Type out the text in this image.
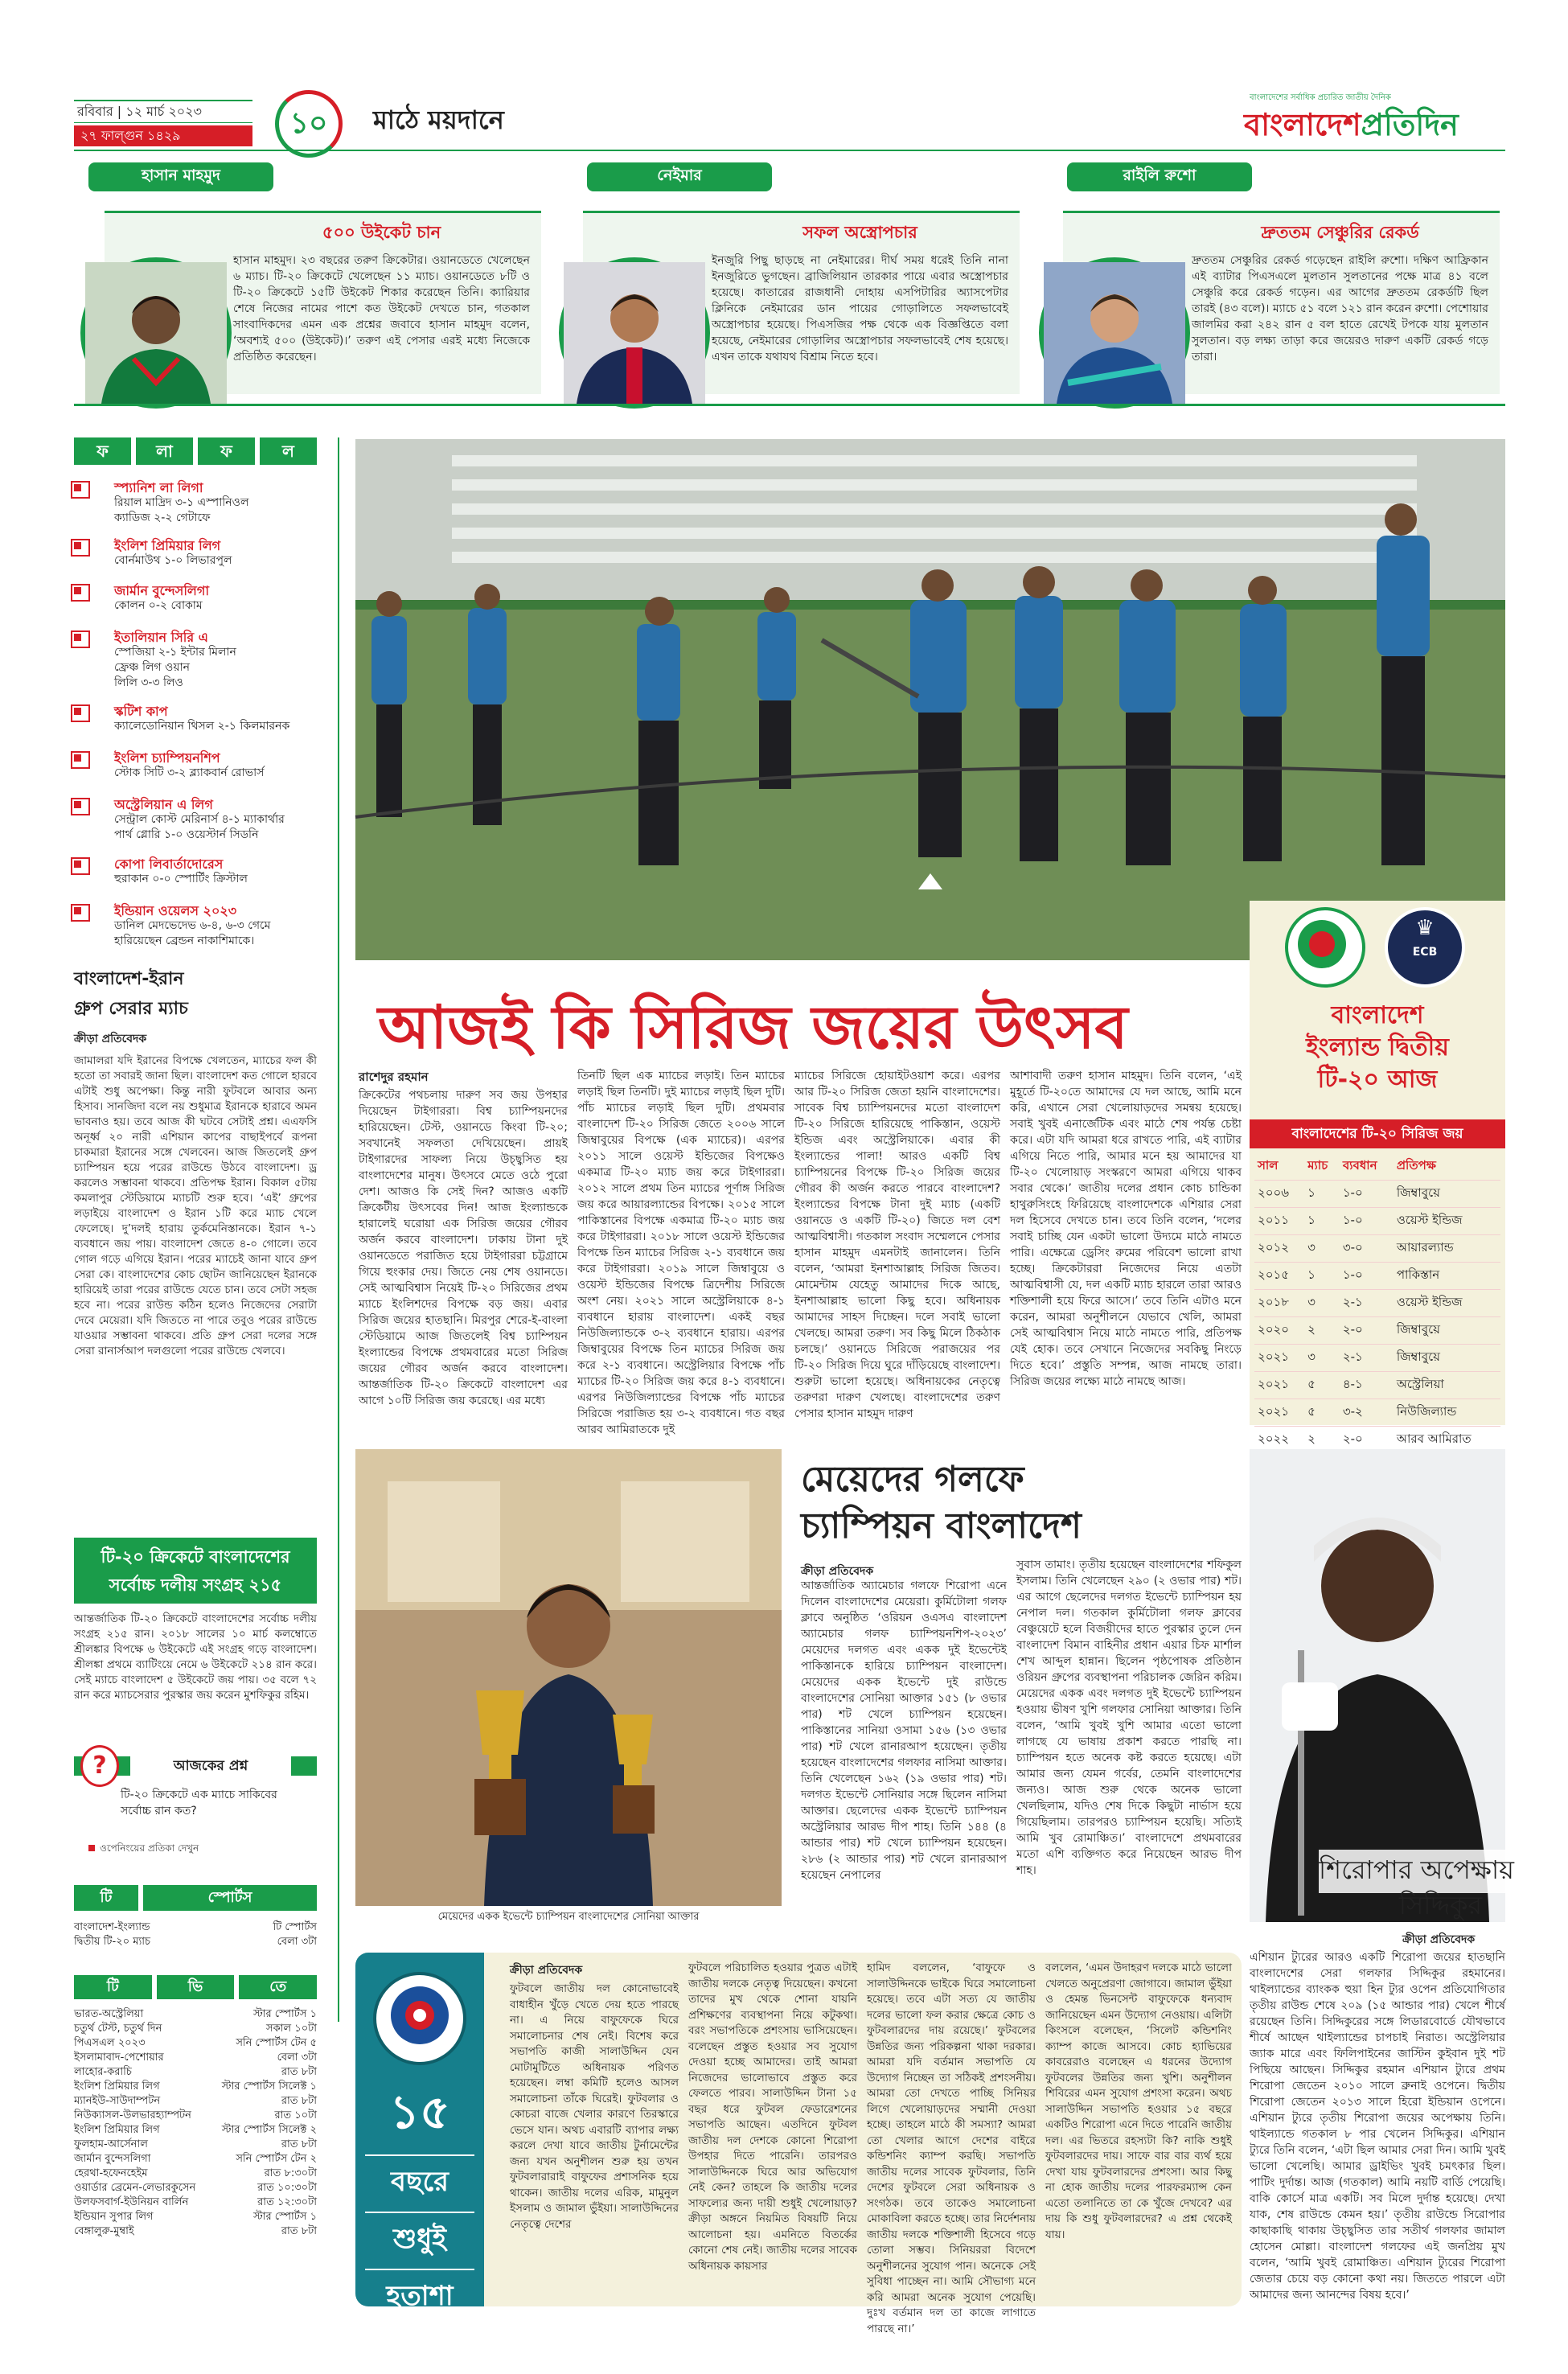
রবিবার | ১২ মার্চ ২০২৩
২৭ ফাল্গুন ১৪২৯	১০	মাঠে ময়দানে
বাংলাদেশের সর্বাধিক প্রচারিত জাতীয় দৈনিক
বাংলাদেশপ্রতিদিন
হাসান মাহমুদ	নেইমার	রাইলি রুশো
৫০০ উইকেট চান
হাসান মাহমুদ। ২৩ বছরের তরুণ ক্রিকেটার। ওয়ানডেতে খেলেছেন ৬ ম্যাচ। টি-২০ ক্রিকেটে খেলেছেন ১১ ম্যাচ। ওয়ানডেতে ৮টি ও টি-২০ ক্রিকেটে ১৫টি উইকেট শিকার করেছেন তিনি। ক্যারিয়ার শেষে নিজের নামের পাশে কত উইকেট দেখতে চান, গতকাল সাংবাদিকদের এমন এক প্রশ্নের জবাবে হাসান মাহমুদ বলেন, ‘অবশ্যই ৫০০ (উইকেট)।’ তরুণ এই পেসার এরই মধ্যে নিজেকে প্রতিষ্ঠিত করেছেন।
সফল অস্ত্রোপচার
ইনজুরি পিছু ছাড়ছে না নেইমারের। দীর্ঘ সময় ধরেই তিনি নানা ইনজুরিতে ভুগছেন। ব্রাজিলিয়ান তারকার পায়ে এবার অস্ত্রোপচার হয়েছে। কাতারের রাজধানী দোহায় এসপিটারির অ্যাসপেটার ক্লিনিকে নেইমারের ডান পায়ের গোড়ালিতে সফলভাবেই অস্ত্রোপচার হয়েছে। পিএসজির পক্ষ থেকে এক বিজ্ঞপ্তিতে বলা হয়েছে, নেইমারের গোড়ালির অস্ত্রোপচার সফলভাবেই শেষ হয়েছে। এখন তাকে যথাযথ বিশ্রাম নিতে হবে।
দ্রুততম সেঞ্চুরির রেকর্ড
দ্রুততম সেঞ্চুরির রেকর্ড গড়েছেন রাইলি রুশো। দক্ষিণ আফ্রিকান এই ব্যাটার পিএসএলে মুলতান সুলতানের পক্ষে মাত্র ৪১ বলে সেঞ্চুরি করে রেকর্ড গড়েন। এর আগের দ্রুততম রেকর্ডটি ছিল তারই (৪৩ বলে)। ম্যাচে ৫১ বলে ১২১ রান করেন রুশো। পেশোয়ার জালমির করা ২৪২ রান ৫ বল হাতে রেখেই টপকে যায় মুলতান সুলতান। বড় লক্ষ্য তাড়া করে জয়েরও দারুণ একটি রেকর্ড গড়ে তারা।
ফ	লা	ফ	ল
স্প্যানিশ লা লিগা
রিয়াল মাদ্রিদ ৩-১ এস্পানিওল
ক্যাডিজ ২-২ গেটাফে
ইংলিশ প্রিমিয়ার লিগ
বোর্নমাউথ ১-০ লিভারপুল
জার্মান বুন্দেসলিগা
কোলন ০-২ বোকাম
ইতালিয়ান সিরি এ
স্পেজিয়া ২-১ ইন্টার মিলান
ফ্রেঞ্চ লিগ ওয়ান
লিলি ৩-৩ লিও
স্কটিশ কাপ
ক্যালেডোনিয়ান থিসল ২-১ কিলমারনক
ইংলিশ চ্যাম্পিয়নশিপ
স্টোক সিটি ৩-২ ব্ল্যাকবার্ন রোভার্স
অস্ট্রেলিয়ান এ লিগ
সেন্ট্রাল কোস্ট মেরিনার্স ৪-১ ম্যাকার্থার
পার্থ গ্লোরি ১-০ ওয়েস্টার্ন সিডনি
কোপা লিবার্তাদোরেস
হুরাকান ০-০ স্পোর্টিং ক্রিস্টাল
ইন্ডিয়ান ওয়েলস ২০২৩
ডানিল মেদভেদেভ ৬-৪, ৬-৩ গেমে
হারিয়েছেন ব্রেন্ডন নাকাশিমাকে।
বাংলাদেশ-ইরান
গ্রুপ সেরার ম্যাচ
ক্রীড়া প্রতিবেদক
জামালরা যদি ইরানের বিপক্ষে খেলতেন, ম্যাচের ফল কী হতো তা সবারই জানা ছিল। বাংলাদেশ কত গোলে হারবে এটাই শুধু অপেক্ষা। কিন্তু নারী ফুটবলে আবার অন্য হিসাব। সানজিদা বলে নয় শুধুমাত্র ইরানকে হারাবে অমন ভাবনাও হয়। তবে আজ কী ঘটবে সেটাই প্রশ্ন। এএফসি অনূর্ধ্ব ২০ নারী এশিয়ান কাপের বাছাইপর্বে রূপনা চাকমারা ইরানের সঙ্গে খেলবেন। আজ জিতলেই গ্রুপ চ্যাম্পিয়ন হয়ে পরের রাউন্ডে উঠবে বাংলাদেশ। ড্র করলেও সম্ভাবনা থাকবে। প্রতিপক্ষ ইরান। বিকাল ৫টায় কমলাপুর স্টেডিয়ামে ম্যাচটি শুরু হবে। ‘এই’ গ্রুপের লড়াইয়ে বাংলাদেশ ও ইরান ১টি করে ম্যাচ খেলে ফেলেছে। দু’দলই হারায় তুর্কমেনিস্তানকে। ইরান ৭-১ ব্যবধানে জয় পায়। বাংলাদেশ জেতে ৪-০ গোলে। তবে গোল গড়ে এগিয়ে ইরান। পরের ম্যাচেই জানা যাবে গ্রুপ সেরা কে। বাংলাদেশের কোচ ছোটন জানিয়েছেন ইরানকে হারিয়েই তারা পরের রাউন্ডে যেতে চান। তবে সেটা সহজ হবে না। পরের রাউন্ড কঠিন হলেও নিজেদের সেরাটা দেবে মেয়েরা। যদি জিততে না পারে তবুও পরের রাউন্ডে যাওয়ার সম্ভাবনা থাকবে। প্রতি গ্রুপ সেরা দলের সঙ্গে সেরা রানার্সআপ দলগুলো পরের রাউন্ডে খেলবে।
টি-২০ ক্রিকেটে বাংলাদেশের
সর্বোচ্চ দলীয় সংগ্রহ ২১৫
আন্তর্জাতিক টি-২০ ক্রিকেটে বাংলাদেশের সর্বোচ্চ দলীয় সংগ্রহ ২১৫ রান। ২০১৮ সালের ১০ মার্চ কলম্বোতে শ্রীলঙ্কার বিপক্ষে ৬ উইকেটে এই সংগ্রহ গড়ে বাংলাদেশ। শ্রীলঙ্কা প্রথমে ব্যাটিংয়ে নেমে ৬ উইকেটে ২১৪ রান করে। সেই ম্যাচে বাংলাদেশ ৫ উইকেটে জয় পায়। ৩৫ বলে ৭২ রান করে ম্যাচসেরার পুরস্কার জয় করেন মুশফিকুর রহিম।
?	আজকের প্রশ্ন
টি-২০ ক্রিকেটে এক ম্যাচে সাকিবের সর্বোচ্চ রান কত?
ওপেনিংয়ের প্রতিকা দেখুন
টি	স্পোর্টস
বাংলাদেশ-ইংল্যান্ড	টি স্পোর্টস
দ্বিতীয় টি-২০ ম্যাচ	বেলা ৩টা
টি	ভি	তে
ভারত-অস্ট্রেলিয়া	স্টার স্পোর্টস ১
চতুর্থ টেস্ট, চতুর্থ দিন	সকাল ১০টা
পিএসএল ২০২৩	সনি স্পোর্টস টেন ৫
ইসলামাবাদ-পেশোয়ার	বেলা ৩টা
লাহোর-করাচি	রাত ৮টা
ইংলিশ প্রিমিয়ার লিগ	স্টার স্পোর্টস সিলেক্ট ১
ম্যানইউ-সাউদাম্পটন	রাত ৮টা
নিউক্যাসল-উলভারহ্যাম্পটন	রাত ১০টা
ইংলিশ প্রিমিয়ার লিগ	স্টার স্পোর্টস সিলেক্ট ২
ফুলহাম-আর্সেনাল	রাত ৮টা
জার্মান বুন্দেসলিগা	সনি স্পোর্টস টেন ২
হেরথা-হফেনহেইম	রাত ৮:৩০টা
ওয়ার্ডার ব্রেমেন-লেভারকুসেন	রাত ১০:৩০টা
উলফসবার্গ-ইউনিয়ন বার্লিন	রাত ১২:৩০টা
ইন্ডিয়ান সুপার লিগ	স্টার স্পোর্টস ১
বেঙ্গালুরু-মুম্বাই	রাত ৮টা
আজই কি সিরিজ জয়ের উৎসব
রাশেদুর রহমান
ক্রিকেটের পথচলায় দারুণ সব জয় উপহার দিয়েছেন টাইগাররা। বিশ্ব চ্যাম্পিয়নদের হারিয়েছেন। টেস্ট, ওয়ানডে কিংবা টি-২০; সবখানেই সফলতা দেখিয়েছেন। প্রায়ই টাইগারদের সাফল্য নিয়ে উচ্ছ্বসিত হয় বাংলাদেশের মানুষ। উৎসবে মেতে ওঠে পুরো দেশ। আজও কি সেই দিন? আজও একটি ক্রিকেটীয় উৎসবের দিন! আজ ইংল্যান্ডকে হারালেই ঘরোয়া এক সিরিজ জয়ের গৌরব অর্জন করবে বাংলাদেশ। ঢাকায় টানা দুই ওয়ানডেতে পরাজিত হয়ে টাইগাররা চট্টগ্রামে গিয়ে হুংকার দেয়। জিতে নেয় শেষ ওয়ানডে। সেই আত্মবিশ্বাস নিয়েই টি-২০ সিরিজের প্রথম ম্যাচে ইংলিশদের বিপক্ষে বড় জয়। এবার সিরিজ জয়ের হাতছানি। মিরপুর শেরে-ই-বাংলা স্টেডিয়ামে আজ জিতলেই বিশ্ব চ্যাম্পিয়ন ইংল্যান্ডের বিপক্ষে প্রথমবারের মতো সিরিজ জয়ের গৌরব অর্জন করবে বাংলাদেশ। আন্তর্জাতিক টি-২০ ক্রিকেটে বাংলাদেশ এর আগে ১০টি সিরিজ জয় করেছে। এর মধ্যে
তিনটি ছিল এক ম্যাচের লড়াই। তিন ম্যাচের লড়াই ছিল তিনটি। দুই ম্যাচের লড়াই ছিল দুটি। পাঁচ ম্যাচের লড়াই ছিল দুটি। প্রথমবার বাংলাদেশ টি-২০ সিরিজ জেতে ২০০৬ সালে জিম্বাবুয়ের বিপক্ষে (এক ম্যাচের)। এরপর ২০১১ সালে ওয়েস্ট ইন্ডিজের বিপক্ষেও একমাত্র টি-২০ ম্যাচ জয় করে টাইগাররা। ২০১২ সালে প্রথম তিন ম্যাচের পূর্ণাঙ্গ সিরিজ জয় করে আয়ারল্যান্ডের বিপক্ষে। ২০১৫ সালে পাকিস্তানের বিপক্ষে একমাত্র টি-২০ ম্যাচ জয় করে টাইগাররা। ২০১৮ সালে ওয়েস্ট ইন্ডিজের বিপক্ষে তিন ম্যাচের সিরিজ ২-১ ব্যবধানে জয় করে টাইগাররা। ২০১৯ সালে জিম্বাবুয়ে ও ওয়েস্ট ইন্ডিজের বিপক্ষে ত্রিদেশীয় সিরিজে অংশ নেয়। ২০২১ সালে অস্ট্রেলিয়াকে ৪-১ ব্যবধানে হারায় বাংলাদেশ। একই বছর নিউজিল্যান্ডকে ৩-২ ব্যবধানে হারায়। এরপর জিম্বাবুয়ের বিপক্ষে তিন ম্যাচের সিরিজ জয় করে ২-১ ব্যবধানে। অস্ট্রেলিয়ার বিপক্ষে পাঁচ ম্যাচের টি-২০ সিরিজ জয় করে ৪-১ ব্যবধানে। এরপর নিউজিল্যান্ডের বিপক্ষে পাঁচ ম্যাচের সিরিজে পরাজিত হয় ৩-২ ব্যবধানে। গত বছর আরব আমিরাতকে দুই
ম্যাচের সিরিজে হোয়াইটওয়াশ করে। এরপর আর টি-২০ সিরিজ জেতা হয়নি বাংলাদেশের। সাবেক বিশ্ব চ্যাম্পিয়নদের মতো বাংলাদেশ টি-২০ সিরিজে হারিয়েছে পাকিস্তান, ওয়েস্ট ইন্ডিজ এবং অস্ট্রেলিয়াকে। এবার কী ইংল্যান্ডের পালা! আরও একটি বিশ্ব চ্যাম্পিয়নের বিপক্ষে টি-২০ সিরিজ জয়ের গৌরব কী অর্জন করতে পারবে বাংলাদেশ? ইংল্যান্ডের বিপক্ষে টানা দুই ম্যাচ (একটি ওয়ানডে ও একটি টি-২০) জিতে দল বেশ আত্মবিশ্বাসী। গতকাল সংবাদ সম্মেলনে পেসার হাসান মাহমুদ এমনটাই জানালেন। তিনি বলেন, ‘আমরা ইনশাআল্লাহ সিরিজ জিতব। মোমেন্টাম যেহেতু আমাদের দিকে আছে, ইনশাআল্লাহ ভালো কিছু হবে। অধিনায়ক আমাদের সাহস দিচ্ছেন। দলে সবাই ভালো খেলছে। আমরা তরুণ। সব কিছু মিলে ঠিকঠাক চলছে।’ ওয়ানডে সিরিজে পরাজয়ের পর টি-২০ সিরিজ দিয়ে ঘুরে দাঁড়িয়েছে বাংলাদেশ। শুরুটা ভালো হয়েছে। অধিনায়কের নেতৃত্বে তরুণরা দারুণ খেলছে। বাংলাদেশের তরুণ পেসার হাসান মাহমুদ দারুণ
আশাবাদী তরুণ হাসান মাহমুদ। তিনি বলেন, ‘এই মুহূর্তে টি-২০তে আমাদের যে দল আছে, আমি মনে করি, এখানে সেরা খেলোয়াড়দের সমন্বয় হয়েছে। সবাই খুবই এনার্জেটিক এবং মাঠে শেষ পর্যন্ত চেষ্টা করে। এটা যদি আমরা ধরে রাখতে পারি, এই ব্যাটার এগিয়ে নিতে পারি, আমার মনে হয় আমাদের যা টি-২০ খেলোয়াড় সংস্করণে আমরা এগিয়ে থাকব সবার থেকে।’ জাতীয় দলের প্রধান কোচ চান্ডিকা হাথুরুসিংহে ফিরিয়েছে বাংলাদেশকে এশিয়ার সেরা দল হিসেবে দেখতে চান। তবে তিনি বলেন, ‘দলের সবাই চাচ্ছি যেন একটা ভালো উদ্যমে মাঠে নামতে পারি। এক্ষেত্রে ড্রেসিং রুমের পরিবেশ ভালো রাখা হচ্ছে। ক্রিকেটাররা নিজেদের নিয়ে এতটা আত্মবিশ্বাসী যে, দল একটি ম্যাচ হারলে তারা আরও শক্তিশালী হয়ে ফিরে আসে।’ তবে তিনি এটাও মনে করেন, আমরা অনুশীলনে যেভাবে খেলি, আমরা সেই আত্মবিশ্বাস নিয়ে মাঠে নামতে পারি, প্রতিপক্ষ যেই হোক। তবে সেখানে নিজেদের সবকিছু নিংড়ে দিতে হবে।’ প্রস্তুতি সম্পন্ন, আজ নামছে তারা। সিরিজ জয়ের লক্ষ্যে মাঠে নামছে আজ।
♛
ECB
বাংলাদেশ
ইংল্যান্ড দ্বিতীয়
টি-২০ আজ
বাংলাদেশের টি-২০ সিরিজ জয়
সাল	ম্যাচ	ব্যবধান	প্রতিপক্ষ
২০০৬	১	১-০	জিম্বাবুয়ে
২০১১	১	১-০	ওয়েস্ট ইন্ডিজ
২০১২	৩	৩-০	আয়ারল্যান্ড
২০১৫	১	১-০	পাকিস্তান
২০১৮	৩	২-১	ওয়েস্ট ইন্ডিজ
২০২০	২	২-০	জিম্বাবুয়ে
২০২১	৩	২-১	জিম্বাবুয়ে
২০২১	৫	৪-১	অস্ট্রেলিয়া
২০২১	৫	৩-২	নিউজিল্যান্ড
২০২২	২	২-০	আরব আমিরাত
মেয়েদের একক ইভেন্টে চ্যাম্পিয়ন বাংলাদেশের সোনিয়া আক্তার
মেয়েদের গলফে
চ্যাম্পিয়ন বাংলাদেশ
ক্রীড়া প্রতিবেদক
আন্তর্জাতিক অ্যামেচার গলফে শিরোপা এনে দিলেন বাংলাদেশের মেয়েরা। কুর্মিটোলা গলফ ক্লাবে অনুষ্ঠিত ‘ওরিয়ন ওএসএ বাংলাদেশ অ্যামেচার গলফ চ্যাম্পিয়নশিপ-২০২৩’ মেয়েদের দলগত এবং একক দুই ইভেন্টেই পাকিস্তানকে হারিয়ে চ্যাম্পিয়ন বাংলাদেশ। মেয়েদের একক ইভেন্টে দুই রাউন্ডে বাংলাদেশের সোনিয়া আক্তার ১৫১ (৮ ওভার পার) শট খেলে চ্যাম্পিয়ন হয়েছেন। পাকিস্তানের সানিয়া ওসামা ১৫৬ (১৩ ওভার পার) শট খেলে রানারআপ হয়েছেন। তৃতীয় হয়েছেন বাংলাদেশের গলফার নাসিমা আক্তার। তিনি খেলেছেন ১৬২ (১৯ ওভার পার) শট। দলগত ইভেন্টে সোনিয়ার সঙ্গে ছিলেন নাসিমা আক্তার। ছেলেদের একক ইভেন্টে চ্যাম্পিয়ন অস্ট্রেলিয়ার আরভ দীপ শাহ। তিনি ১৪৪ (৪ আন্ডার পার) শট খেলে চ্যাম্পিয়ন হয়েছেন। ২৮৬ (২ আন্ডার পার) শট খেলে রানারআপ হয়েছেন নেপালের
সুবাস তামাং। তৃতীয় হয়েছেন বাংলাদেশের শফিকুল ইসলাম। তিনি খেলেছেন ২৯০ (২ ওভার পার) শট। এর আগে ছেলেদের দলগত ইভেন্টে চ্যাম্পিয়ন হয় নেপাল দল। গতকাল কুর্মিটোলা গলফ ক্লাবের বেঞ্চুয়েটে হলে বিজয়ীদের হাতে পুরস্কার তুলে দেন বাংলাদেশ বিমান বাহিনীর প্রধান এয়ার চিফ মার্শাল শেখ আব্দুল হান্নান। ছিলেন পৃষ্ঠপোষক প্রতিষ্ঠান ওরিয়ন গ্রুপের ব্যবস্থাপনা পরিচালক জেরিন করিম। মেয়েদের একক এবং দলগত দুই ইভেন্টে চ্যাম্পিয়ন হওয়ায় ভীষণ খুশি গলফার সোনিয়া আক্তার। তিনি বলেন, ‘আমি খুবই খুশি আমার এতো ভালো লাগছে যে ভাষায় প্রকাশ করতে পারছি না। চ্যাম্পিয়ন হতে অনেক কষ্ট করতে হয়েছে। এটা আমার জন্য যেমন গর্বের, তেমনি বাংলাদেশের জন্যও। আজ শুরু থেকে অনেক ভালো খেলছিলাম, যদিও শেষ দিকে কিছুটা নার্ভাস হয়ে গিয়েছিলাম। তারপরও চ্যাম্পিয়ন হয়েছি। সত্যিই আমি খুব রোমাঞ্চিত।’ বাংলাদেশে প্রথমবারের মতো এশি ব্যক্তিগত করে নিয়েছেন আরভ দীপ শাহ।	শিরোপার অপেক্ষায়
সিদ্দিকুর
ক্রীড়া প্রতিবেদক
এশিয়ান ট্যুরের আরও একটি শিরোপা জয়ের হাতছানি বাংলাদেশের সেরা গলফার সিদ্দিকুর রহমানের। থাইল্যান্ডের ব্যাংকক হুয়া হিন ট্যুর ওপেন প্রতিযোগিতার তৃতীয় রাউন্ড শেষে ২০৯ (১৫ আন্ডার পার) খেলে শীর্ষে রয়েছেন তিনি। সিদ্দিকুরের সঙ্গে লিডারবোর্ডে যৌথভাবে শীর্ষে আছেন থাইল্যান্ডের চাপচাই নিরাত। অস্ট্রেলিয়ার জ্যাক মারে এবং ফিলিপাইনের জাস্টিন কুইবান দুই শট পিছিয়ে আছেন। সিদ্দিকুর রহমান এশিয়ান ট্যুরে প্রথম শিরোপা জেতেন ২০১০ সালে ব্রুনাই ওপেনে। দ্বিতীয় শিরোপা জেতেন ২০১৩ সালে হিরো ইন্ডিয়ান ওপেনে। এশিয়ান ট্যুরে তৃতীয় শিরোপা জয়ের অপেক্ষায় তিনি। থাইল্যান্ডে গতকাল ৮ পার খেলেন সিদ্দিকুর। এশিয়ান ট্যুরে তিনি বলেন, ‘এটা ছিল আমার সেরা দিন। আমি খুবই ভালো খেলেছি। আমার ড্রাইভিং খুবই চমৎকার ছিল। পাটিং দুর্দান্ত। আজ (গতকাল) আমি নয়টি বার্ডি পেয়েছি। বাকি কোর্সে মাত্র একটি। সব মিলে দুর্দান্ত হয়েছে। দেখা যাক, শেষ রাউন্ডে কেমন হয়।’ তৃতীয় রাউন্ডে সিরোপার কাছাকাছি থাকায় উচ্ছ্বসিত তার সতীর্থ গলফার জামাল হোসেন মোল্লা। বাংলাদেশ গলফের এই জনপ্রিয় মুখ বলেন, ‘আমি খুবই রোমাঞ্চিত। এশিয়ান ট্যুরের শিরোপা জেতার চেয়ে বড় কোনো কথা নয়। জিততে পারলে এটা আমাদের জন্য আনন্দের বিষয় হবে।’
১৫
বছরে
শুধুই
হতাশা
ক্রীড়া প্রতিবেদক
ফুটবলে জাতীয় দল কোনোভাবেই বাধাহীন খুঁড়ে খেতে দেয় হতে পারছে না। এ নিয়ে বাফুফেকে ঘিরে সমালোচনার শেষ নেই। বিশেষ করে সভাপতি কাজী সালাউদ্দিন যেন মোটামুটিতে অধিনায়ক পরিণত হয়েছেন। লম্বা কমিটি হলেও আসল সমালোচনা তাঁকে ঘিরেই। ফুটবলার ও কোচরা বাজে খেলার কারণে তিরস্কারে ভেসে যান। অথচ এবারটি ব্যাপার লক্ষ্য করলে দেখা যাবে জাতীয় টুর্নামেন্টের জন্য যখন অনুশীলন শুরু হয় তখন ফুটবলারারাই বাফুফের প্রশাসনিক হয়ে থাকেন। জাতীয় দলের এরিক, মামুনুল ইসলাম ও জামাল ভুঁইয়া। সালাউদ্দিনের নেতৃত্বে দেশের
ফুটবলে পরিচালিত হওয়ার পুত্রত এটাই জাতীয় দলকে নেতৃত্ব দিয়েছেন। কখনো তাদের মুখ থেকে শোনা যায়নি প্রশিক্ষণের ব্যবস্থাপনা নিয়ে কটুকথা। বরং সভাপতিকে প্রশংসায় ভাসিয়েছেন। বলেছেন প্রস্তুত হওয়ার সব সুযোগ দেওয়া হচ্ছে আমাদের। তাই আমরা নিজেদের ভালোভাবে প্রস্তুত করে ফেলতে পারব। সালাউদ্দিন টানা ১৫ বছর ধরে ফুটবল ফেডারেশনের সভাপতি আছেন। এতদিনে ফুটবল জাতীয় দল দেশকে কোনো শিরোপা উপহার দিতে পারেনি। তারপরও সালাউদ্দিনকে ঘিরে আর অভিযোগ নেই কেন? তাহলে কি জাতীয় দলের সাফল্যের জন্য দায়ী শুধুই খেলোয়াড়? ক্রীড়া অঙ্গনে নিয়মিত বিষয়টি নিয়ে আলোচনা হয়। এমনিতে বিতর্কের কোনো শেষ নেই। জাতীয় দলের সাবেক অধিনায়ক কায়সার
হামিদ বললেন, ‘বাফুফে ও সালাউদ্দিনকে ভাইকে ঘিরে সমালোচনা হয়েছে। তবে এটা সত্য যে জাতীয় দলের ভালো ফল করার ক্ষেত্রে কোচ ও ফুটবলারদের দায় রয়েছে।’ ফুটবলের উন্নতির জন্য পরিকল্পনা থাকা দরকার। আমরা যদি বর্তমান সভাপতি যে উদ্যোগ নিচ্ছেন তা সঠিকই প্রশংসনীয়। আমরা তো দেখতে পাচ্ছি সিনিয়র লিগে খেলোয়াড়দের সম্মানী দেওয়া হচ্ছে। তাহলে মাঠে কী সমস্যা? আমরা তো খেলার আগে দেশের বাইরে কন্ডিশনিং ক্যাম্প করছি। সভাপতি জাতীয় দলের সাবেক ফুটবলার, তিনি দেশের ফুটবলে সেরা অধিনায়ক ও সংগঠক। তবে তাকেও সমালোচনা মোকাবিলা করতে হচ্ছে। তার নির্দেশনায় জাতীয় দলকে শক্তিশালী হিসেবে গড়ে তোলা সম্ভব। সিনিয়ররা বিদেশে অনুশীলনের সুযোগ পান। অনেকে সেই সুবিধা পাচ্ছেন না। আমি সৌভাগ্য মনে করি আমরা অনেক সুযোগ পেয়েছি। দুঃখ বর্তমান দল তা কাজে লাগাতে পারছে না।’
বললেন, ‘এমন উদাহরণ দলকে মাঠে ভালো খেলতে অনুপ্রেরণা জোগাবে। জামাল ভুঁইয়া ও হেমন্ত ভিনসেন্ট বাফুফেকে ধন্যবাদ জানিয়েছেন এমন উদ্যোগ নেওয়ায়। এলিটা কিংসলে বলেছেন, ‘সিলেট কন্ডিশনিং ক্যাম্প কাজে আসবে। কোচ হ্যাভিয়ের কাবরেরাও বলেছেন এ ধরনের উদ্যোগ ফুটবলের উন্নতির জন্য খুশি। অনুশীলন শিবিরের এমন সুযোগ প্রশংসা করেন। অথচ সালাউদ্দিন সভাপতি হওয়ার ১৫ বছরে একটিও শিরোপা এনে দিতে পারেনি জাতীয় দল। এর ভিতরে রহস্যটা কি? নাকি শুধুই ফুটবলারদের দায়। সাফে বার বার ব্যর্থ হয়ে দেখা যায় ফুটবলারদের প্রশংসা। আর কিছু না হোক জাতীয় দলের পারফরম্যান্স কেন এতো তলানিতে তা কে খুঁজে দেখবে? এর দায় কি শুধু ফুটবলারদের? এ প্রশ্ন থেকেই যায়।
